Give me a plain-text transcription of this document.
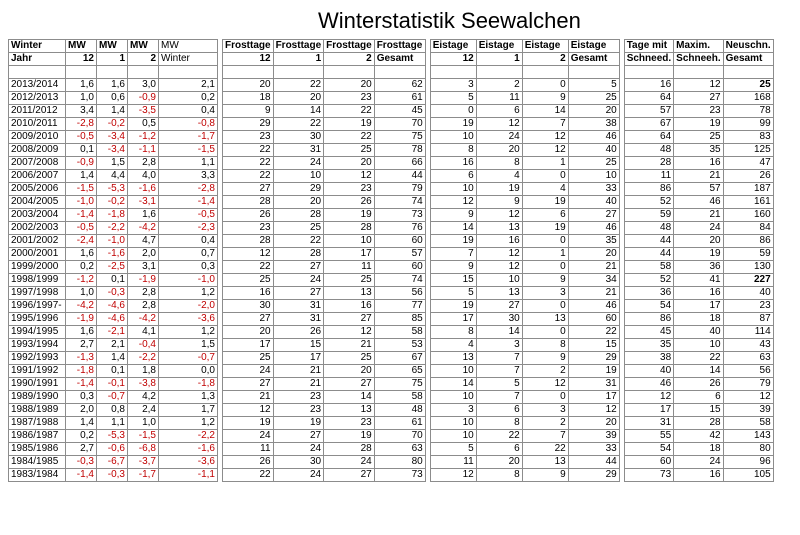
Winterstatistik Seewalchen
Winter	MW	MW	MW	MW		Frosttage	Frosttage	Frosttage	Frosttage		Eistage	Eistage	Eistage	Eistage		Tage mit	Maxim.	Neuschn.
Jahr	12	1	2	Winter		12	1	2	Gesamt		12	1	2	Gesamt		Schneed.	Schneeh.	Gesamt

2013/2014	1,6	1,6	3,0	2,1		20	22	20	62		3	2	0	5		16	12	25
2012/2013	1,0	0,6	-0,9	0,2		18	20	23	61		5	11	9	25		64	27	168
2011/2012	3,4	1,4	-3,5	0,4		9	14	22	45		0	6	14	20		57	23	78
2010/2011	-2,8	-0,2	0,5	-0,8		29	22	19	70		19	12	7	38		67	19	99
2009/2010	-0,5	-3,4	-1,2	-1,7		23	30	22	75		10	24	12	46		64	25	83
2008/2009	0,1	-3,4	-1,1	-1,5		22	31	25	78		8	20	12	40		48	35	125
2007/2008	-0,9	1,5	2,8	1,1		22	24	20	66		16	8	1	25		28	16	47
2006/2007	1,4	4,4	4,0	3,3		22	10	12	44		6	4	0	10		11	21	26
2005/2006	-1,5	-5,3	-1,6	-2,8		27	29	23	79		10	19	4	33		86	57	187
2004/2005	-1,0	-0,2	-3,1	-1,4		28	20	26	74		12	9	19	40		52	46	161
2003/2004	-1,4	-1,8	1,6	-0,5		26	28	19	73		9	12	6	27		59	21	160
2002/2003	-0,5	-2,2	-4,2	-2,3		23	25	28	76		14	13	19	46		48	24	84
2001/2002	-2,4	-1,0	4,7	0,4		28	22	10	60		19	16	0	35		44	20	86
2000/2001	1,6	-1,6	2,0	0,7		12	28	17	57		7	12	1	20		44	19	59
1999/2000	0,2	-2,5	3,1	0,3		22	27	11	60		9	12	0	21		58	36	130
1998/1999	-1,2	0,1	-1,9	-1,0		25	24	25	74		15	10	9	34		52	41	227
1997/1998	1,0	-0,3	2,8	1,2		16	27	13	56		5	13	3	21		36	16	40
1996/1997-	-4,2	-4,6	2,8	-2,0		30	31	16	77		19	27	0	46		54	17	23
1995/1996	-1,9	-4,6	-4,2	-3,6		27	31	27	85		17	30	13	60		86	18	87
1994/1995	1,6	-2,1	4,1	1,2		20	26	12	58		8	14	0	22		45	40	114
1993/1994	2,7	2,1	-0,4	1,5		17	15	21	53		4	3	8	15		35	10	43
1992/1993	-1,3	1,4	-2,2	-0,7		25	17	25	67		13	7	9	29		38	22	63
1991/1992	-1,8	0,1	1,8	0,0		24	21	20	65		10	7	2	19		40	14	56
1990/1991	-1,4	-0,1	-3,8	-1,8		27	21	27	75		14	5	12	31		46	26	79
1989/1990	0,3	-0,7	4,2	1,3		21	23	14	58		10	7	0	17		12	6	12
1988/1989	2,0	0,8	2,4	1,7		12	23	13	48		3	6	3	12		17	15	39
1987/1988	1,4	1,1	1,0	1,2		19	19	23	61		10	8	2	20		31	28	58
1986/1987	0,2	-5,3	-1,5	-2,2		24	27	19	70		10	22	7	39		55	42	143
1985/1986	2,7	-0,6	-6,8	-1,6		11	24	28	63		5	6	22	33		54	18	80
1984/1985	-0,3	-6,7	-3,7	-3,6		26	30	24	80		11	20	13	44		60	24	96
1983/1984	-1,4	-0,3	-1,7	-1,1		22	24	27	73		12	8	9	29		73	16	105
